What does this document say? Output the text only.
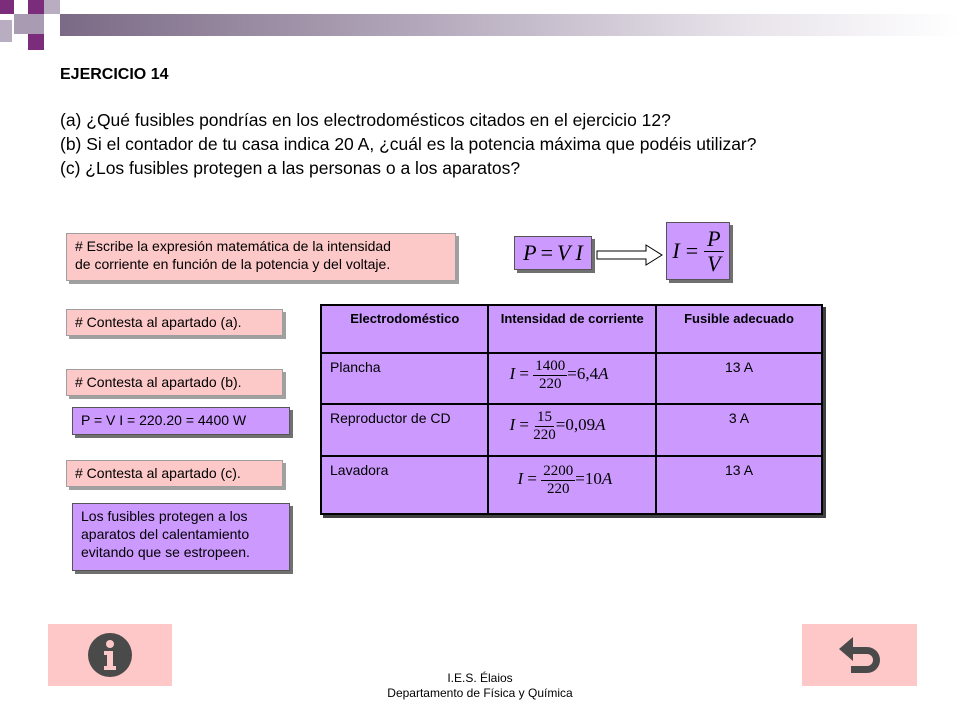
EJERCICIO 14
(a) ¿Qué fusibles pondrías en los electrodomésticos citados en el ejercicio 12?
(b) Si el contador de tu casa indica 20 A, ¿cuál es la potencia máxima que podéis utilizar?
(c) ¿Los fusibles protegen a las personas o a los aparatos?
# Escribe la expresión matemática de la intensidad
de corriente en función de la potencia y del voltaje.	P = V I	$I = \frac{P}{V}$
# Contesta al apartado (a).
# Contesta al apartado (b).
P = V I = 220.20 = 4400 W
# Contesta al apartado (c).
Los fusibles protegen a los
aparatos del calentamiento
evitando que se estropeen.
Electrodoméstico	Intensidad de corriente	Fusible adecuado
Plancha	$I = \frac{1400}{220} =6,4A$	13 A
Reproductor de CD	$I = \frac{15}{220} =0,09A$	3 A
Lavadora	$I = \frac{2200}{220} =10A$	13 A
I.E.S. Élaios
Departamento de Física y Química
